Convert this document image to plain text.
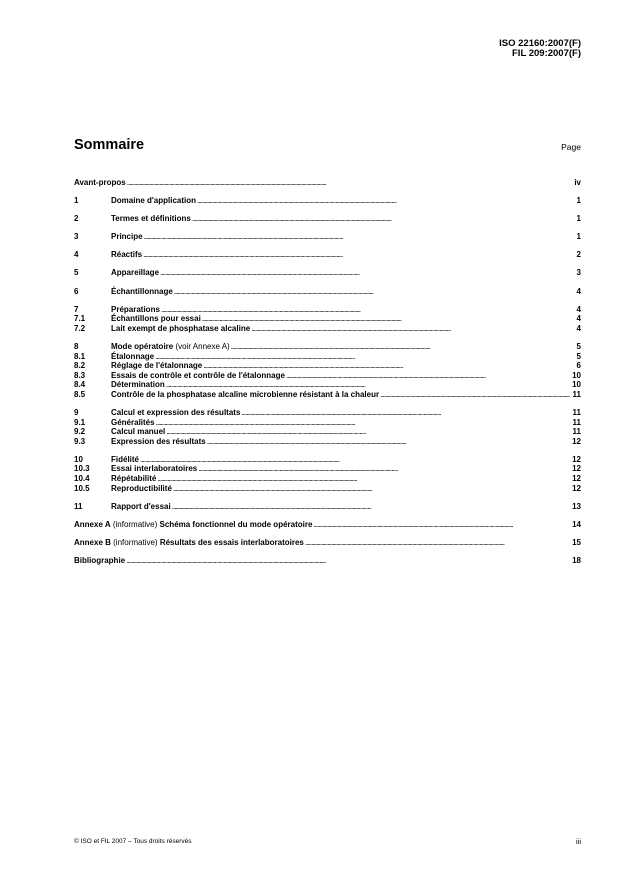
ISO 22160:2007(F)
FIL 209:2007(F)
Sommaire	Page
Avant-propos . . .	iv
1	Domaine d'application . . .	1
2	Termes et définitions . . .	1
3	Principe . . .	1
4	Réactifs . . .	2
5	Appareillage . . .	3
6	Échantillonnage . . .	4
7	Préparations . . .	4
7.1	Échantillons pour essai . . .	4
7.2	Lait exempt de phosphatase alcaline . . .	4
8	Mode opératoire (voir Annexe A) . . .	5
8.1	Étalonnage . . .	5
8.2	Réglage de l'étalonnage . . .	6
8.3	Essais de contrôle et contrôle de l'étalonnage . . .	10
8.4	Détermination . . .	10
8.5	Contrôle de la phosphatase alcaline microbienne résistant à la chaleur . . .	11
9	Calcul et expression des résultats . . .	11
9.1	Généralités . . .	11
9.2	Calcul manuel . . .	11
9.3	Expression des résultats . . .	12
10	Fidélité . . .	12
10.3	Essai interlaboratoires . . .	12
10.4	Répétabilité . . .	12
10.5	Reproductibilité . . .	12
11	Rapport d'essai . . .	13
Annexe A (informative) Schéma fonctionnel du mode opératoire . . .	14
Annexe B (informative) Résultats des essais interlaboratoires . . .	15
Bibliographie . . .	18
© ISO et FIL 2007 – Tous droits réservés	iii
